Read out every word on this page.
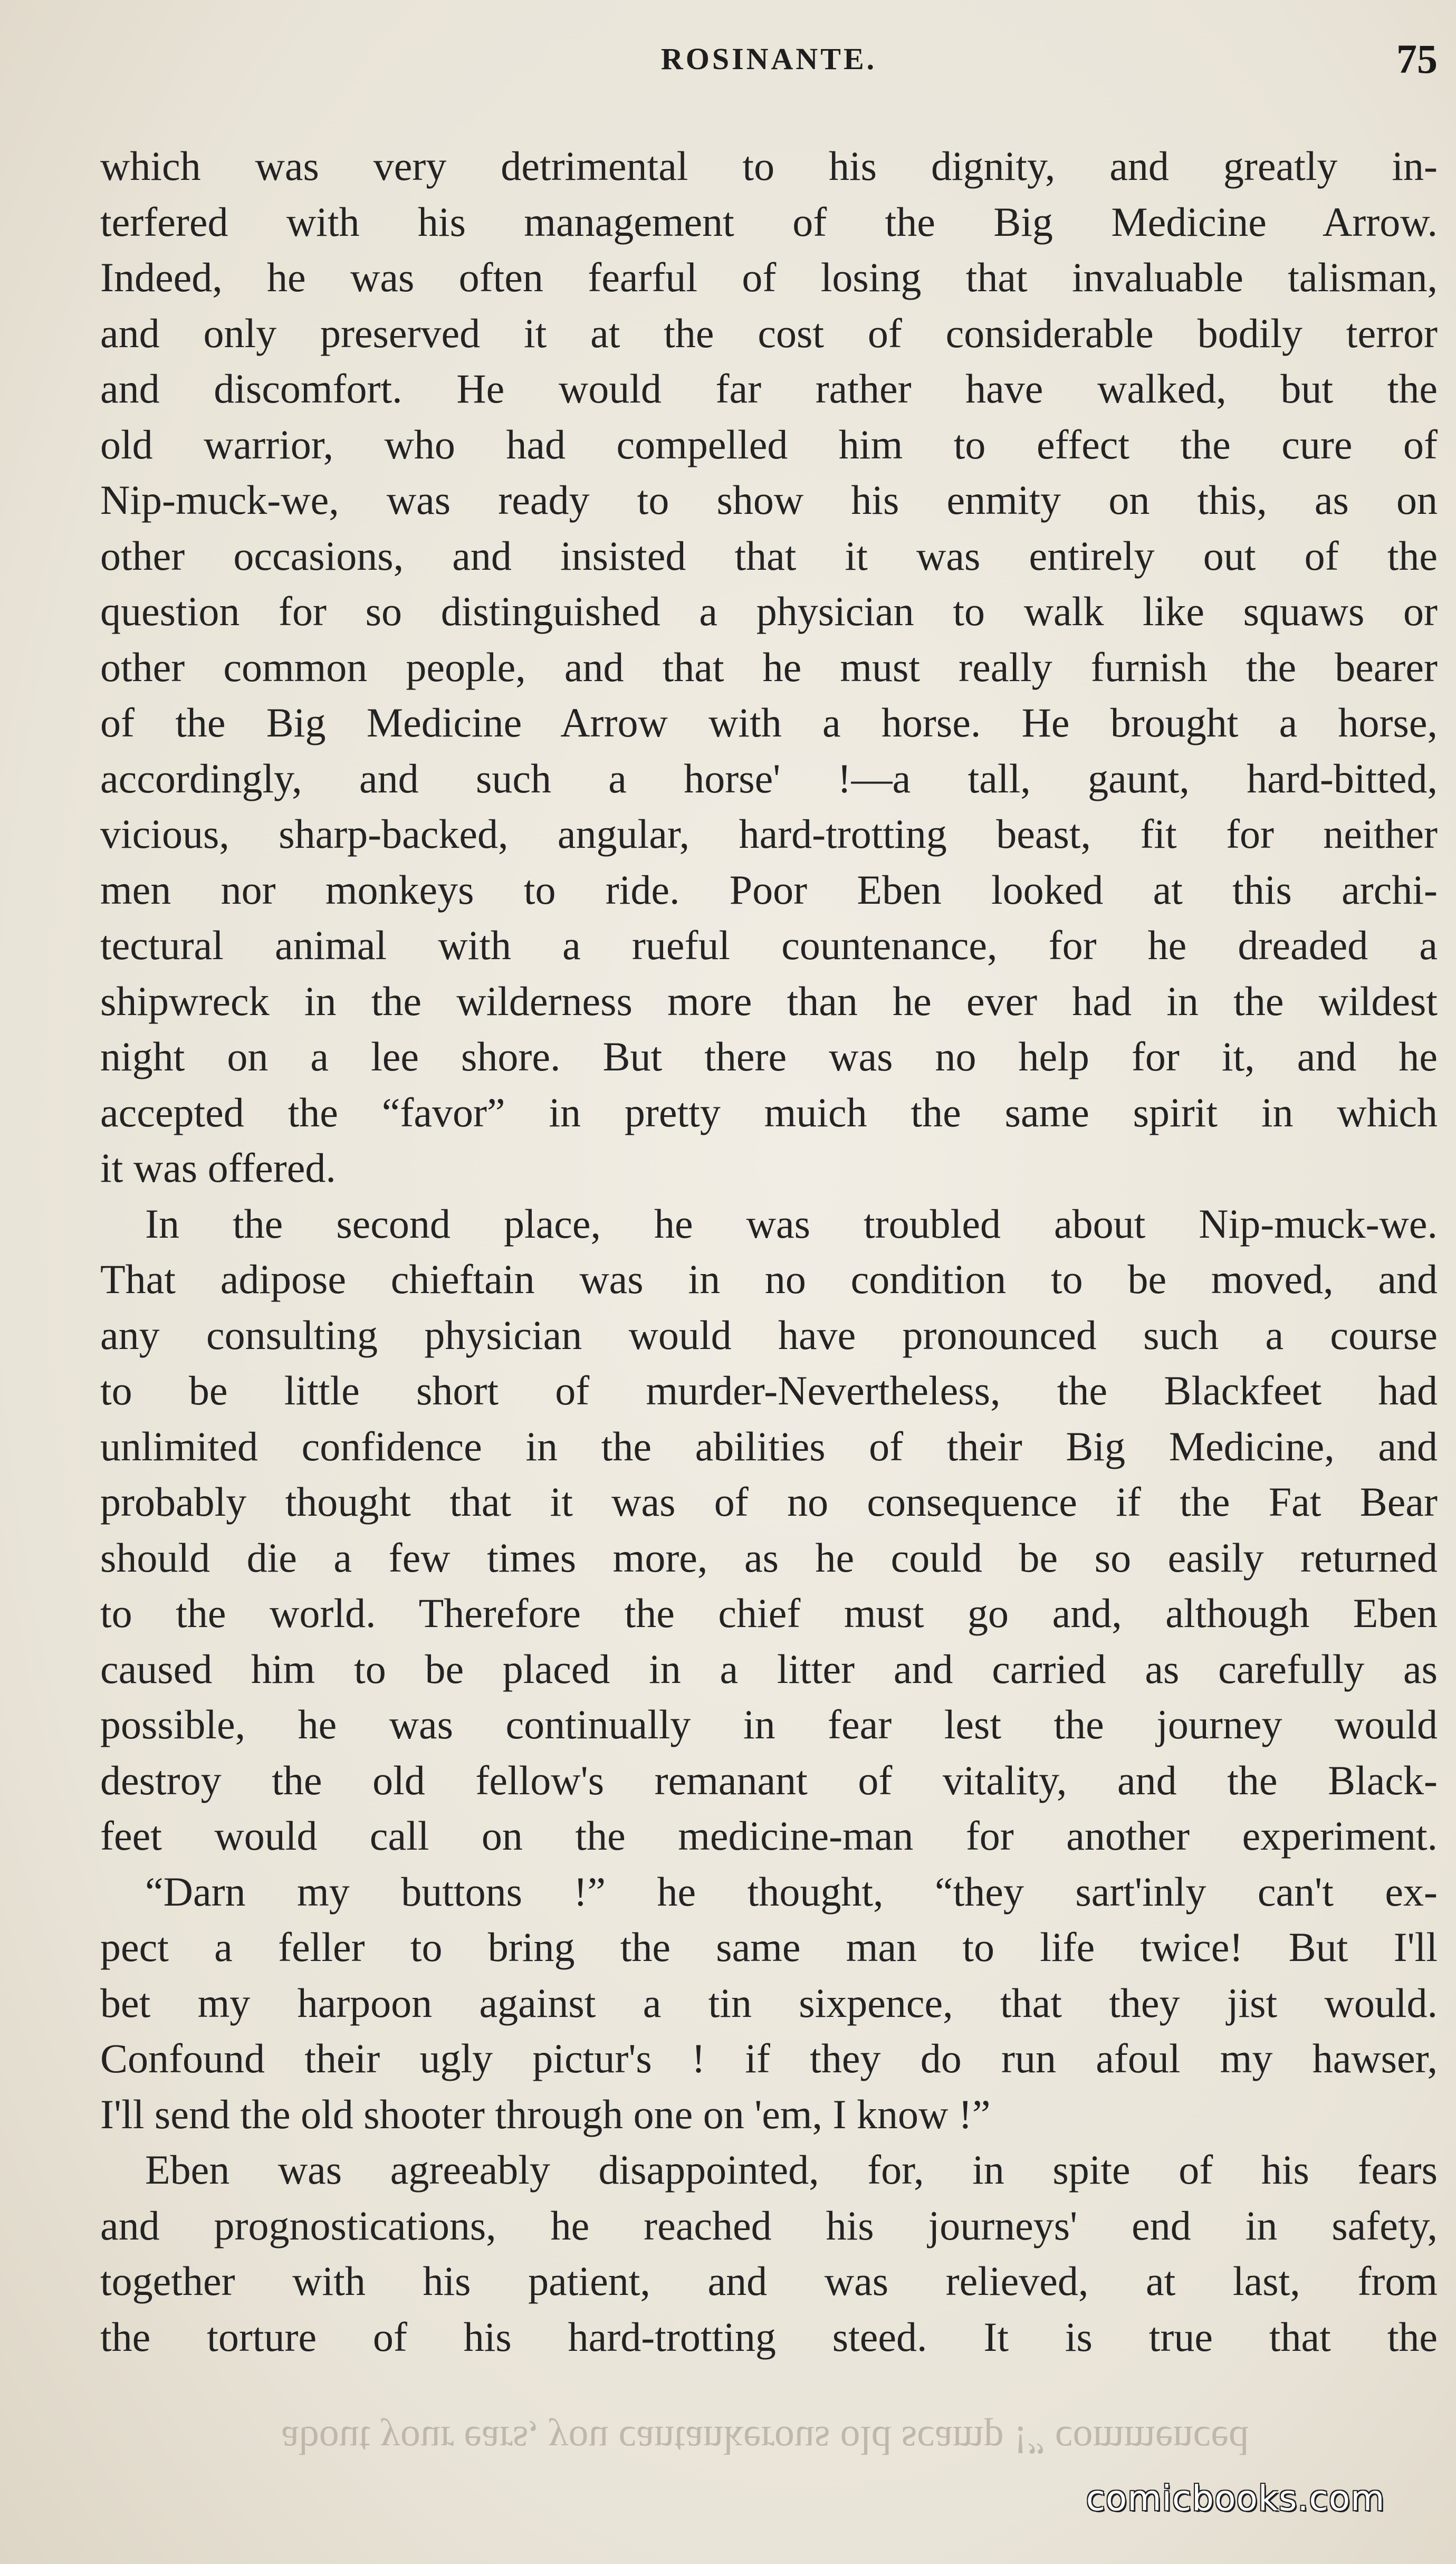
ROSINANTE.	75
which was very detrimental to his dignity, and greatly in-
terfered with his management of the Big Medicine Arrow.
Indeed, he was often fearful of losing that invaluable talisman,
and only preserved it at the cost of considerable bodily terror
and discomfort. He would far rather have walked, but the
old warrior, who had compelled him to effect the cure of
Nip-muck-we, was ready to show his enmity on this, as on
other occasions, and insisted that it was entirely out of the
question for so distinguished a physician to walk like squaws or
other common people, and that he must really furnish the bearer
of the Big Medicine Arrow with a horse. He brought a horse,
accordingly, and such a horse' !—a tall, gaunt, hard-bitted,
vicious, sharp-backed, angular, hard-trotting beast, fit for neither
men nor monkeys to ride. Poor Eben looked at this archi-
tectural animal with a rueful countenance, for he dreaded a
shipwreck in the wilderness more than he ever had in the wildest
night on a lee shore. But there was no help for it, and he
accepted the “favor” in pretty muich the same spirit in which
it was offered.
In the second place, he was troubled about Nip-muck-we.
That adipose chieftain was in no condition to be moved, and
any consulting physician would have pronounced such a course
to be little short of murder-Nevertheless, the Blackfeet had
unlimited confidence in the abilities of their Big Medicine, and
probably thought that it was of no consequence if the Fat Bear
should die a few times more, as he could be so easily returned
to the world. Therefore the chief must go and, although Eben
caused him to be placed in a litter and carried as carefully as
possible, he was continually in fear lest the journey would
destroy the old fellow's remanant of vitality, and the Black-
feet would call on the medicine-man for another experiment.
“Darn my buttons !” he thought, “they sart'inly can't ex-
pect a feller to bring the same man to life twice! But I'll
bet my harpoon against a tin sixpence, that they jist would.
Confound their ugly pictur's ! if they do run afoul my hawser,
I'll send the old shooter through one on 'em, I know !”
Eben was agreeably disappointed, for, in spite of his fears
and prognostications, he reached his journeys' end in safety,
together with his patient, and was relieved, at last, from
the torture of his hard-trotting steed. It is true that the
about your ears, you cantankerous old scamp !” commenced
comicbooks.com
